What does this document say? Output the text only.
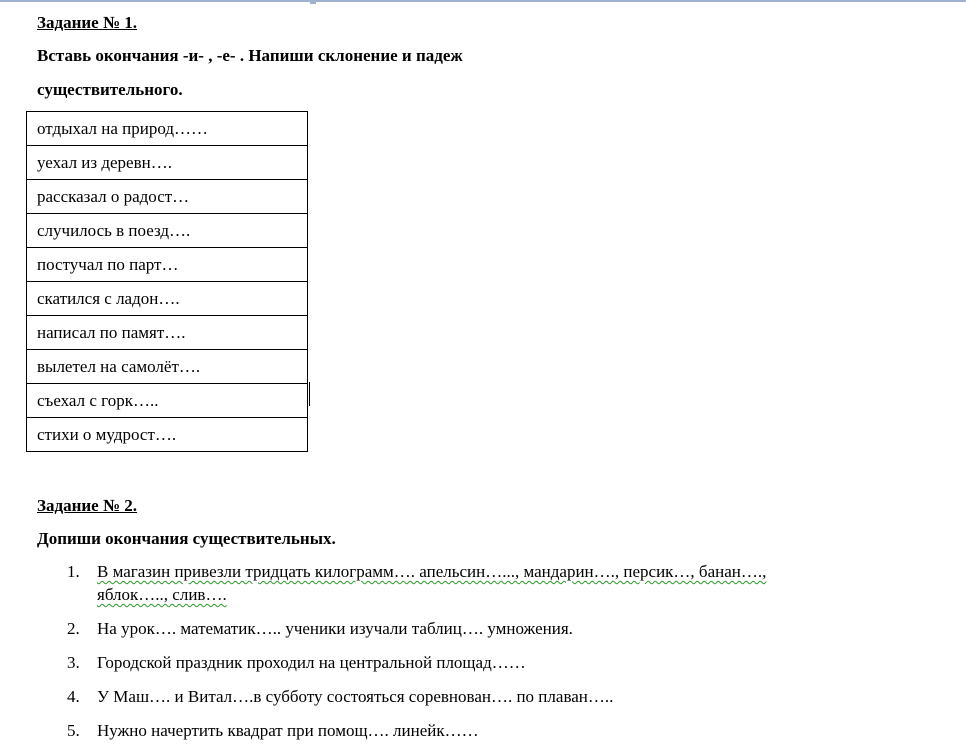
Задание № 1.
Вставь окончания -и- , -е- . Напиши склонение и падеж
существительного.
отдыхал на природ……
уехал из деревн….
рассказал о радост…
случилось в поезд….
постучал по парт…
скатился с ладон….
написал по памят….
вылетел на самолёт….
съехал с горк…..
стихи о мудрост….
Задание № 2.
Допиши окончания существительных.
1. В магазин привезли тридцать килограмм…. апельсин…..., мандарин…., персик…, банан….,
яблок….., слив….
2. На урок…. математик….. ученики изучали таблиц…. умножения.
3. Городской праздник проходил на центральной площад……
4. У Маш…. и Витал….в субботу состояться соревнован…. по плаван…..
5. Нужно начертить квадрат при помощ…. линейк……
